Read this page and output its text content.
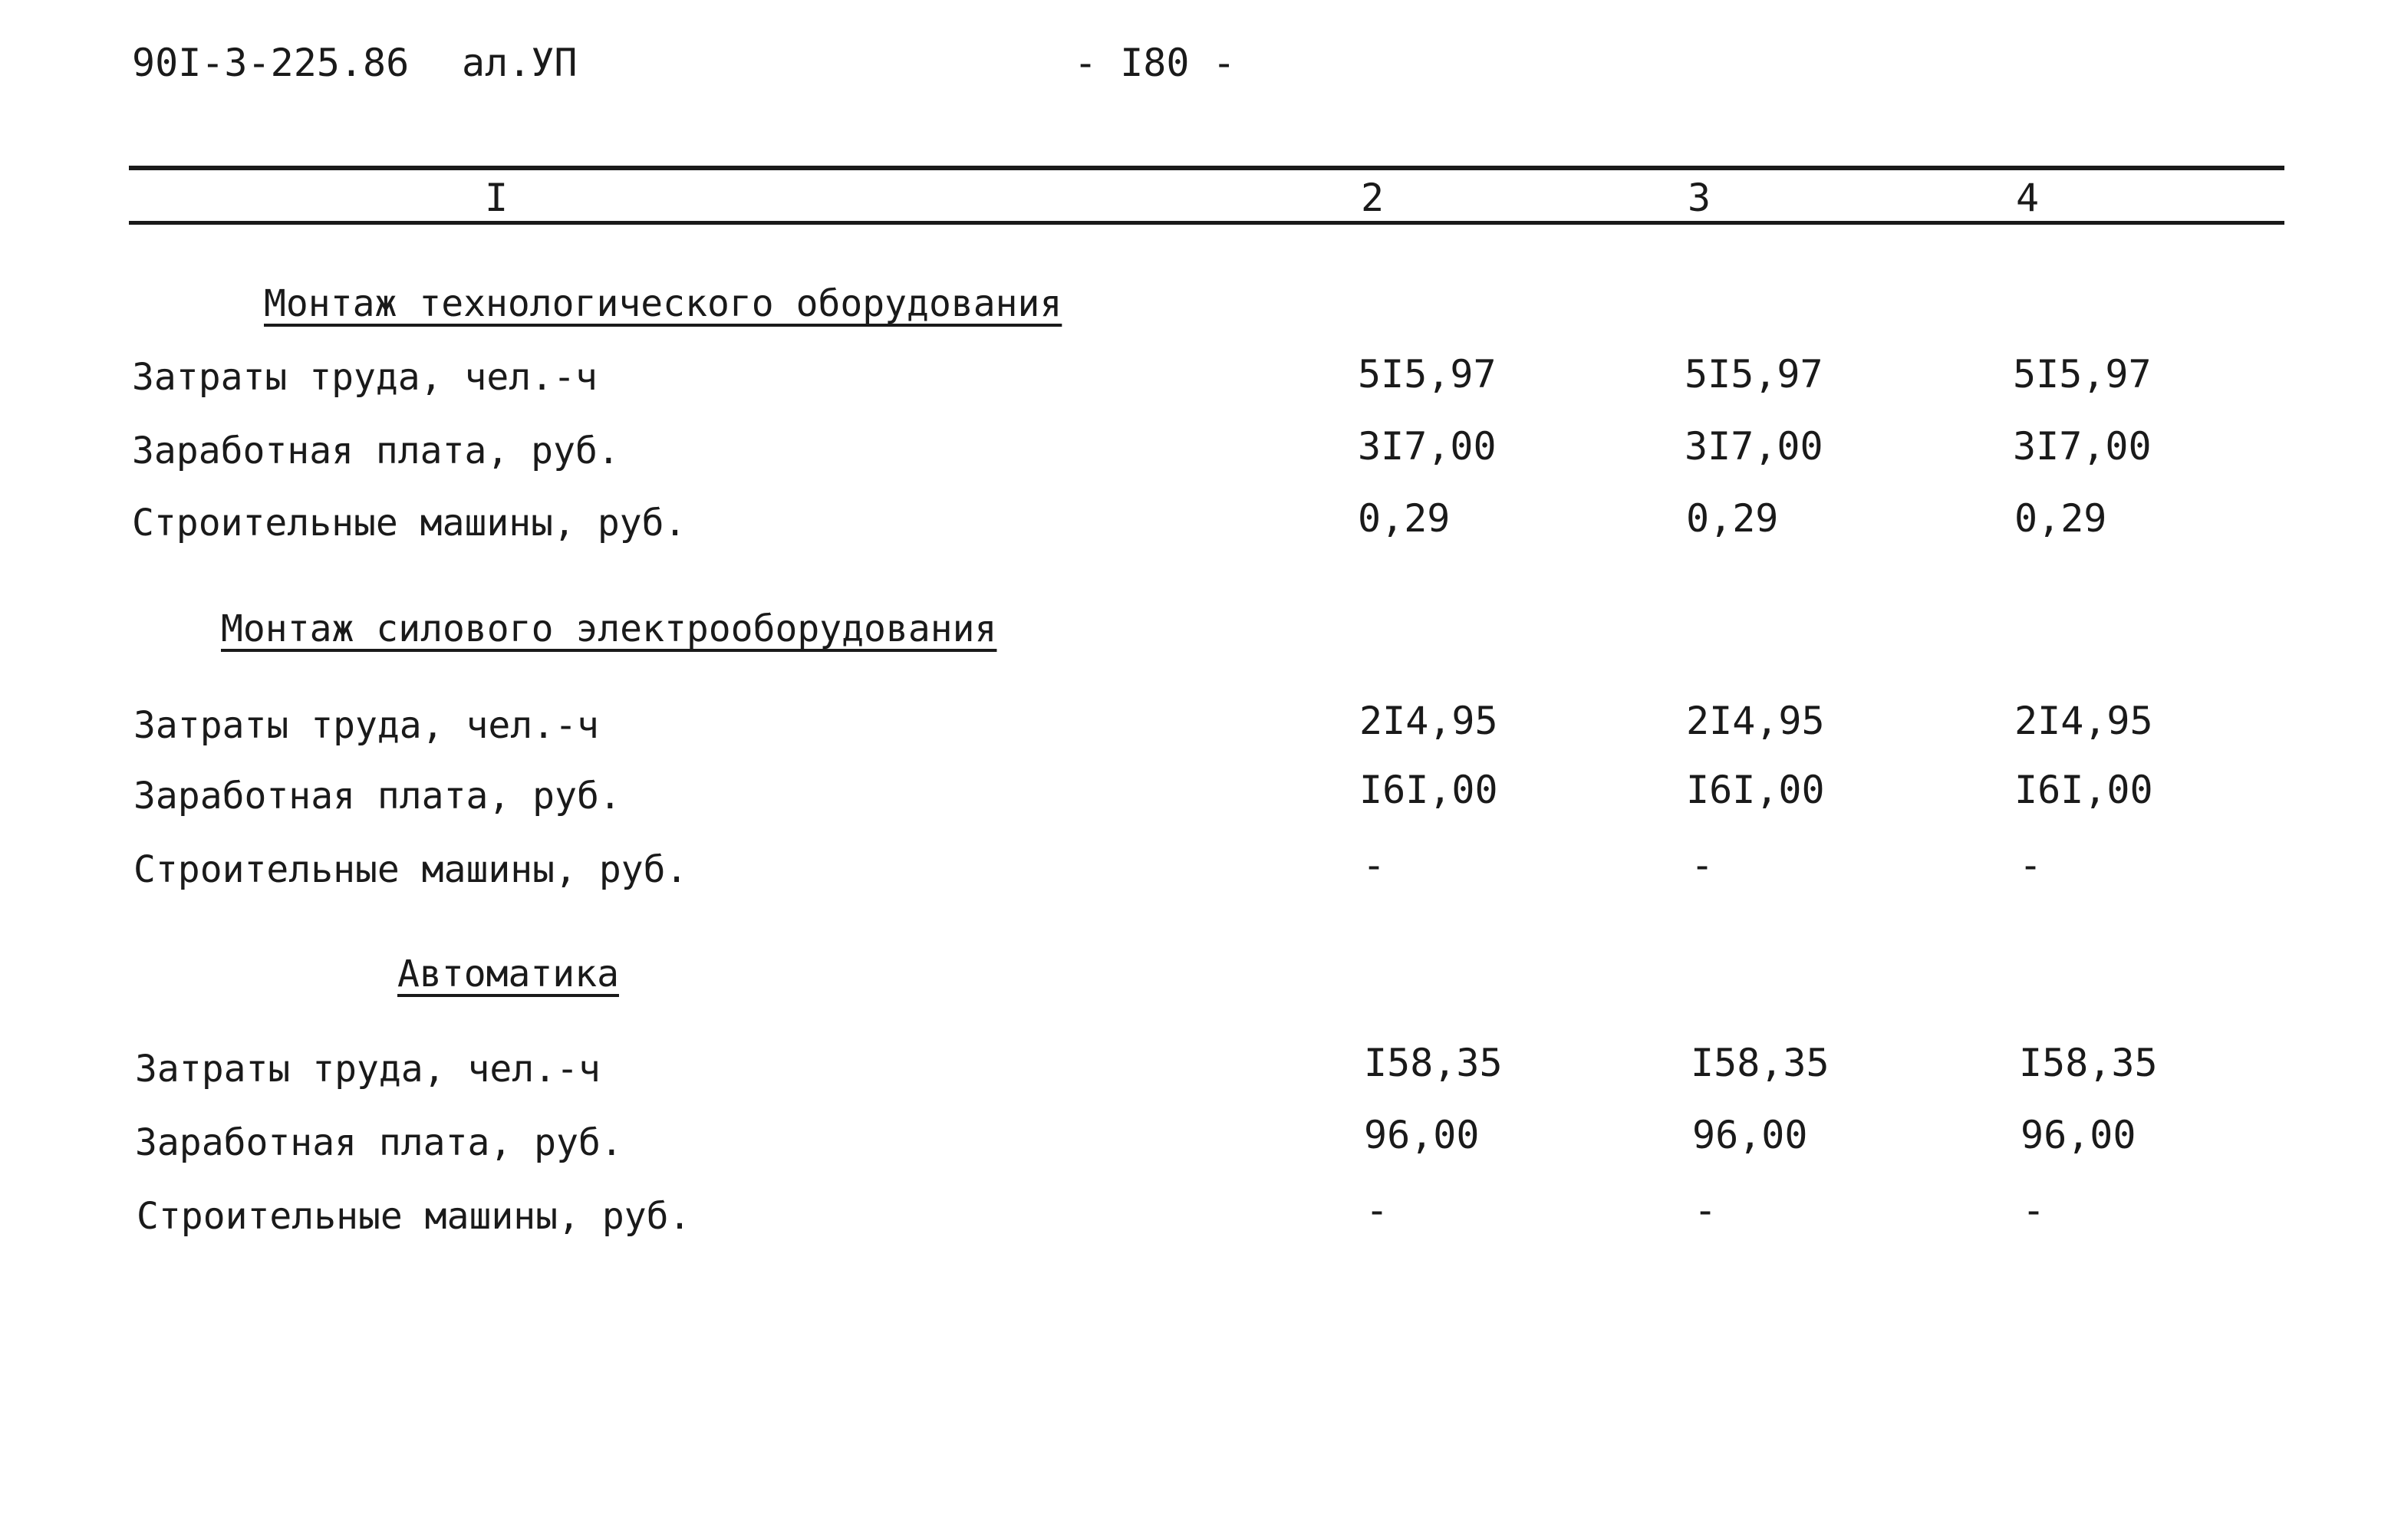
90I-3-225.86 ал.УП	- I80 -
I	2	3	4
Монтаж технологического оборудования
Затраты труда, чел.-ч	5I5,97	5I5,97	5I5,97
Заработная плата, руб.	3I7,00	3I7,00	3I7,00
Строительные машины, руб.	0,29	0,29	0,29
Монтаж силового электрооборудования
Затраты труда, чел.-ч	2I4,95	2I4,95	2I4,95
Заработная плата, руб.	I6I,00	I6I,00	I6I,00
Строительные машины, руб.	-	-	-
Автоматика
Затраты труда, чел.-ч	I58,35	I58,35	I58,35
Заработная плата, руб.	96,00	96,00	96,00
Строительные машины, руб.	-	-	-
